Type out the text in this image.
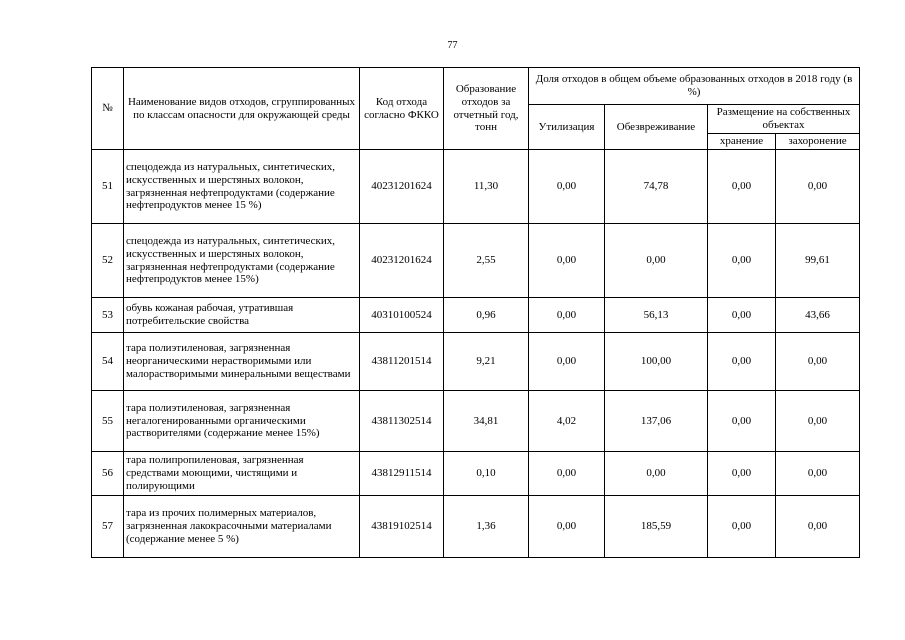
77
№	Наименование видов отходов, сгруппированных по классам опасности для окружающей среды	Код отхода согласно ФККО	Образование отходов за отчетный год, тонн	Доля отходов в общем объеме образованных отходов в 2018 году (в %)			
				Утилизация	Обезвреживание	Размещение на собственных объектах	
						хранение	захоронение
51	спецодежда из натуральных, синтетических, искусственных и шерстяных волокон, загрязненная нефтепродуктами (содержание нефтепродуктов менее 15 %)	40231201624	11,30	0,00	74,78	0,00	0,00
52	спецодежда из натуральных, синтетических, искусственных и шерстяных волокон, загрязненная нефтепродуктами (содержание нефтепродуктов менее 15%)	40231201624	2,55	0,00	0,00	0,00	99,61
53	обувь кожаная рабочая, утратившая потребительские свойства	40310100524	0,96	0,00	56,13	0,00	43,66
54	тара полиэтиленовая, загрязненная неорганическими нерастворимыми или малорастворимыми минеральными веществами	43811201514	9,21	0,00	100,00	0,00	0,00
55	тара полиэтиленовая, загрязненная негалогенированными органическими растворителями (содержание менее 15%)	43811302514	34,81	4,02	137,06	0,00	0,00
56	тара полипропиленовая, загрязненная средствами моющими, чистящими и полирующими	43812911514	0,10	0,00	0,00	0,00	0,00
57	тара из прочих полимерных материалов, загрязненная лакокрасочными материалами (содержание менее 5 %)	43819102514	1,36	0,00	185,59	0,00	0,00
